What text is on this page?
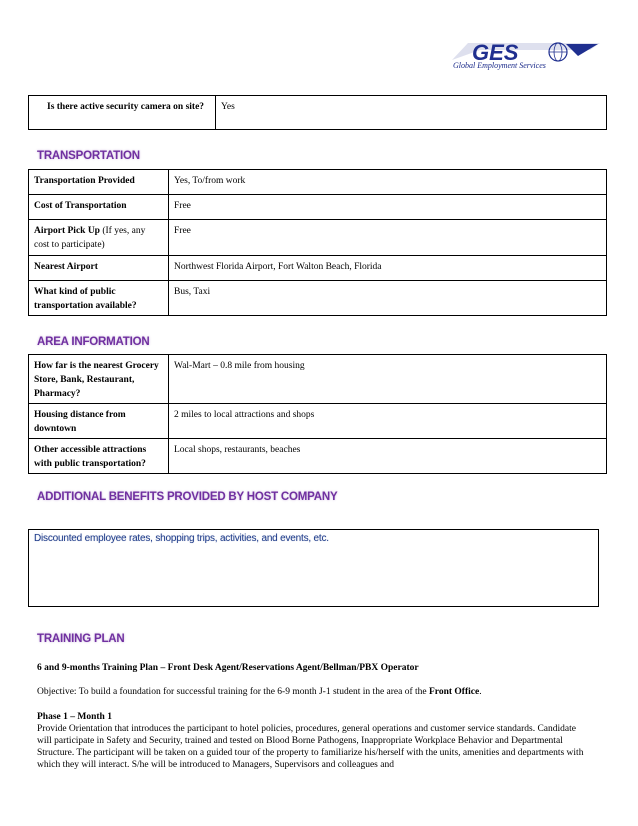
GES
Global Employment Services
Is there active security camera on site?	Yes
TRANSPORTATION
Transportation Provided	Yes, To/from work
Cost of Transportation	Free
Airport Pick Up (If yes, any cost to participate)	Free
Nearest Airport	Northwest Florida Airport, Fort Walton Beach, Florida
What kind of public transportation available?	Bus, Taxi
AREA INFORMATION
How far is the nearest Grocery Store, Bank, Restaurant, Pharmacy?	Wal-Mart – 0.8 mile from housing
Housing distance from downtown	2 miles to local attractions and shops
Other accessible attractions with public transportation?	Local shops, restaurants, beaches
ADDITIONAL BENEFITS PROVIDED BY HOST COMPANY
Discounted employee rates, shopping trips, activities, and events, etc.
TRAINING PLAN
6 and 9-months Training Plan – Front Desk Agent/Reservations Agent/Bellman/PBX Operator
Objective: To build a foundation for successful training for the 6-9 month J-1 student in the area of the Front Office.
Phase 1 – Month 1
Provide Orientation that introduces the participant to hotel policies, procedures, general operations and customer service standards. Candidate will participate in Safety and Security, trained and tested on Blood Borne Pathogens, Inappropriate Workplace Behavior and Departmental Structure. The participant will be taken on a guided tour of the property to familiarize his/herself with the units, amenities and departments with which they will interact. S/he will be introduced to Managers, Supervisors and colleagues and
